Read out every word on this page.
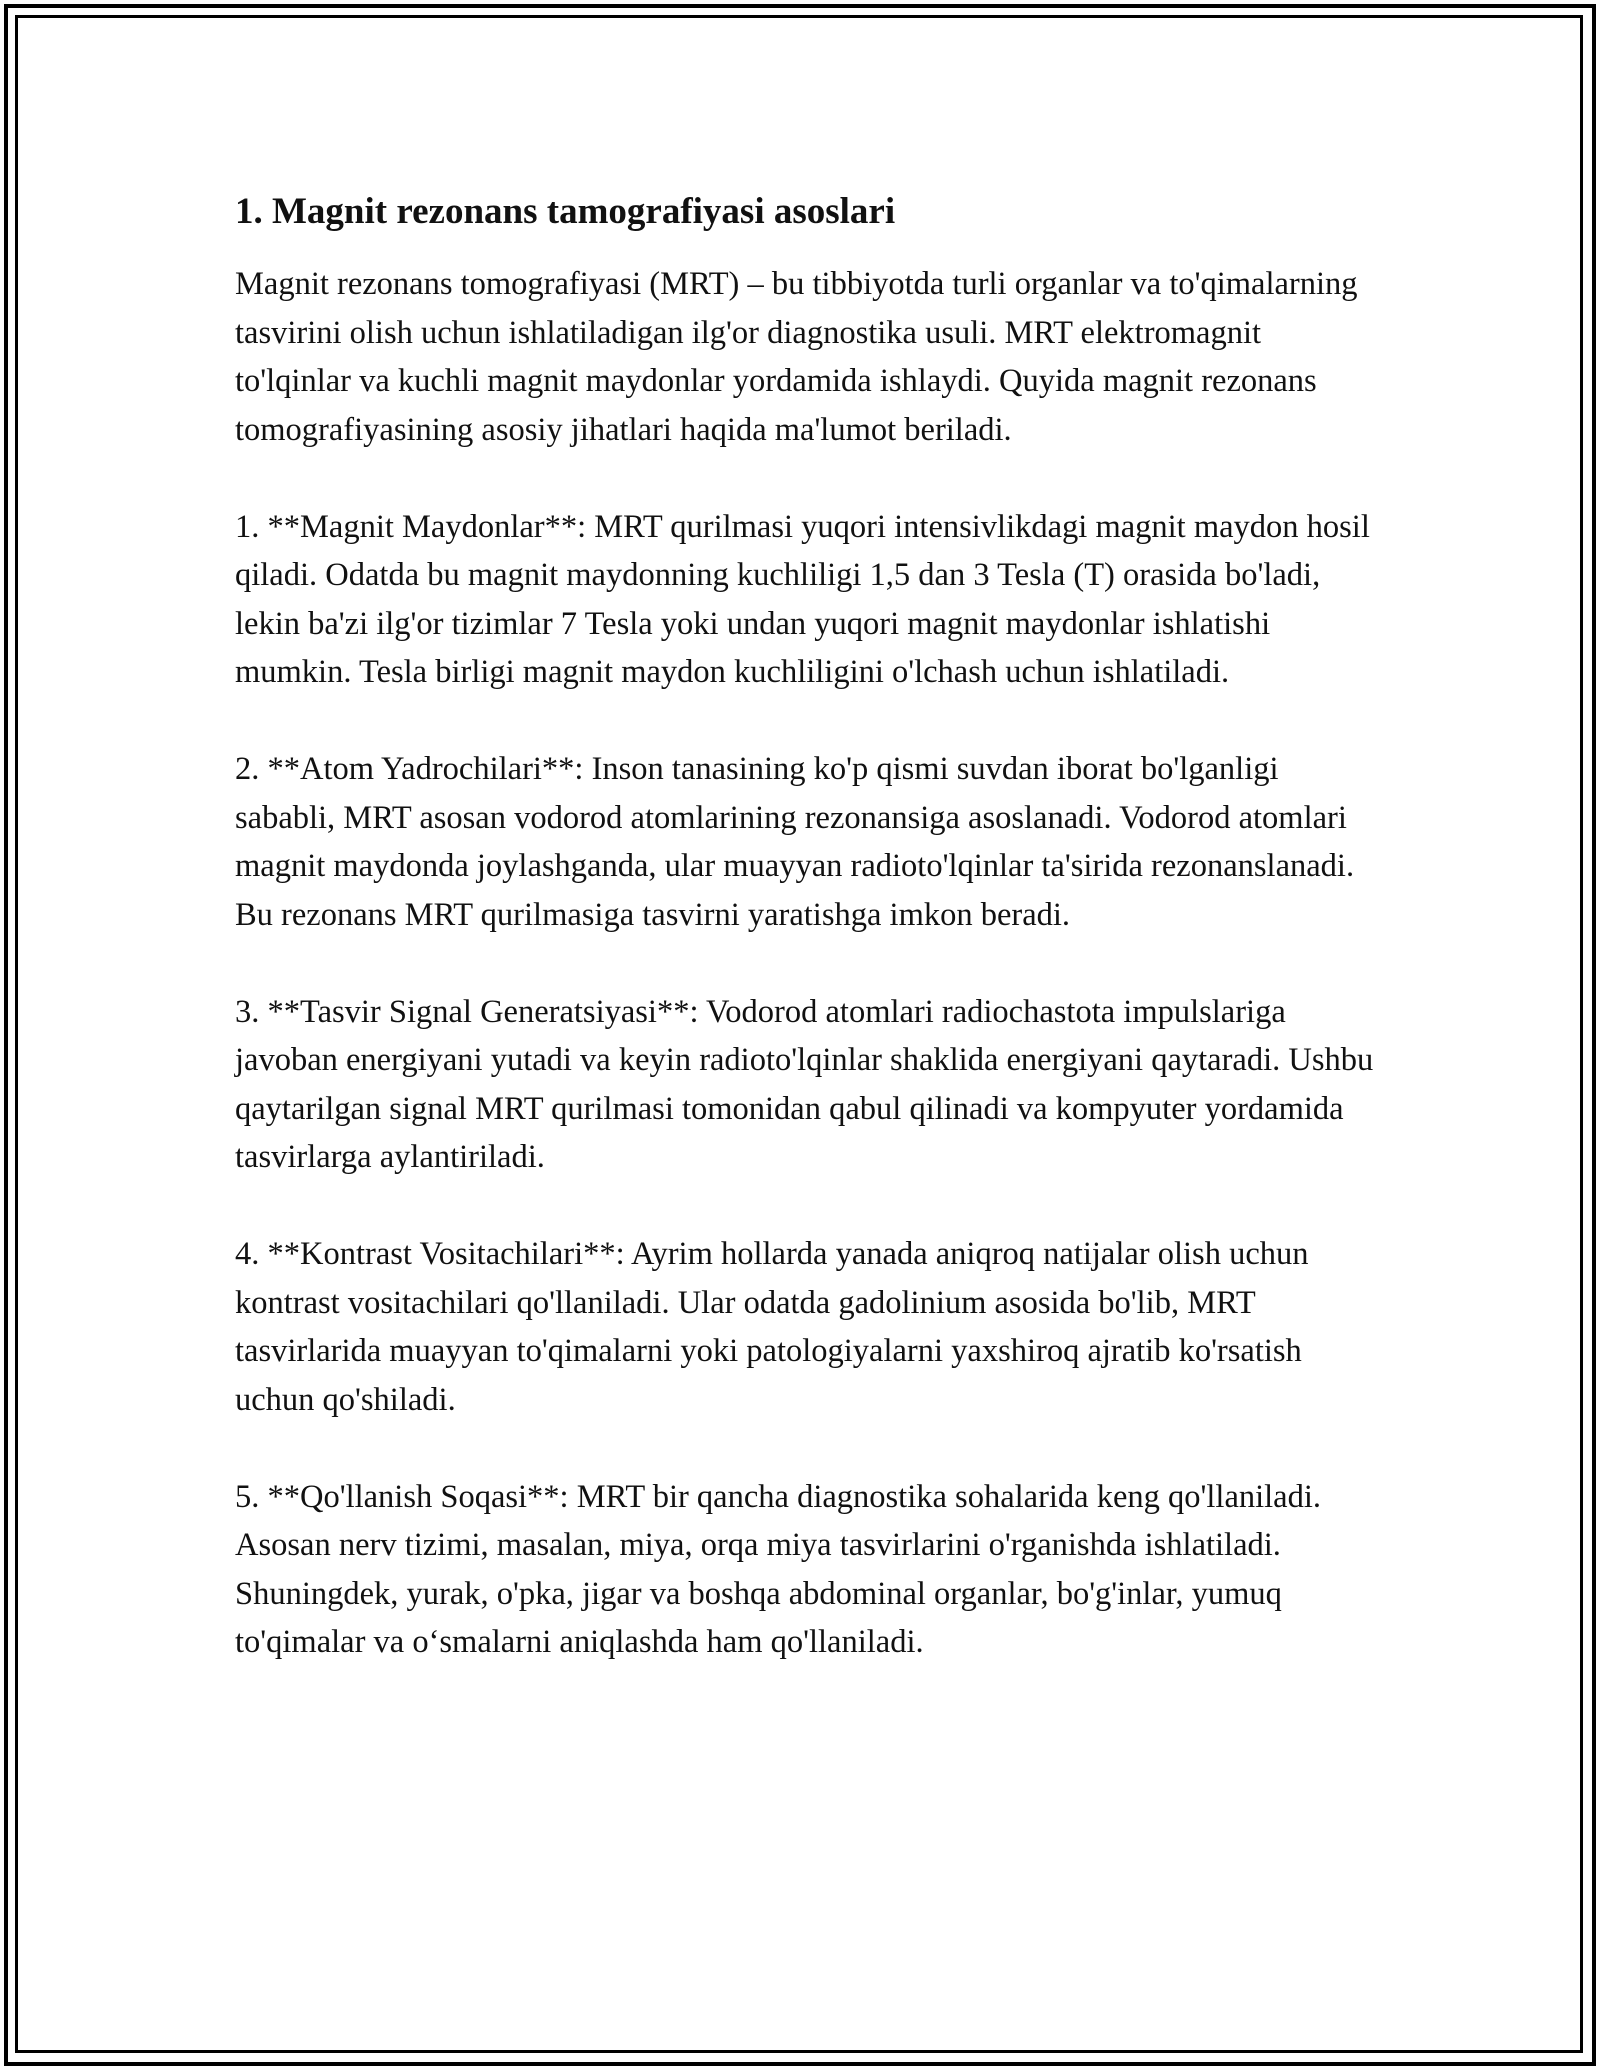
1. Magnit rezonans tamografiyasi asoslari

Magnit rezonans tomografiyasi (MRT) – bu tibbiyotda turli organlar va to'qimalarning tasvirini olish uchun ishlatiladigan ilg'or diagnostika usuli. MRT elektromagnit to'lqinlar va kuchli magnit maydonlar yordamida ishlaydi. Quyida magnit rezonans tomografiyasining asosiy jihatlari haqida ma'lumot beriladi.

1. **Magnit Maydonlar**: MRT qurilmasi yuqori intensivlikdagi magnit maydon hosil qiladi. Odatda bu magnit maydonning kuchliligi 1,5 dan 3 Tesla (T) orasida bo'ladi, lekin ba'zi ilg'or tizimlar 7 Tesla yoki undan yuqori magnit maydonlar ishlatishi mumkin. Tesla birligi magnit maydon kuchliligini o'lchash uchun ishlatiladi.

2. **Atom Yadrochilari**: Inson tanasining ko'p qismi suvdan iborat bo'lganligi sababli, MRT asosan vodorod atomlarining rezonansiga asoslanadi. Vodorod atomlari magnit maydonda joylashganda, ular muayyan radioto'lqinlar ta'sirida rezonanslanadi. Bu rezonans MRT qurilmasiga tasvirni yaratishga imkon beradi.

3. **Tasvir Signal Generatsiyasi**: Vodorod atomlari radiochastota impulslariga javoban energiyani yutadi va keyin radioto'lqinlar shaklida energiyani qaytaradi. Ushbu qaytarilgan signal MRT qurilmasi tomonidan qabul qilinadi va kompyuter yordamida tasvirlarga aylantiriladi.

4. **Kontrast Vositachilari**: Ayrim hollarda yanada aniqroq natijalar olish uchun kontrast vositachilari qo'llaniladi. Ular odatda gadolinium asosida bo'lib, MRT tasvirlarida muayyan to'qimalarni yoki patologiyalarni yaxshiroq ajratib ko'rsatish uchun qo'shiladi.

5. **Qo'llanish Soqasi**: MRT bir qancha diagnostika sohalarida keng qo'llaniladi. Asosan nerv tizimi, masalan, miya, orqa miya tasvirlarini o'rganishda ishlatiladi. Shuningdek, yurak, o'pka, jigar va boshqa abdominal organlar, bo'g'inlar, yumuq to'qimalar va o‘smalarni aniqlashda ham qo'llaniladi.
